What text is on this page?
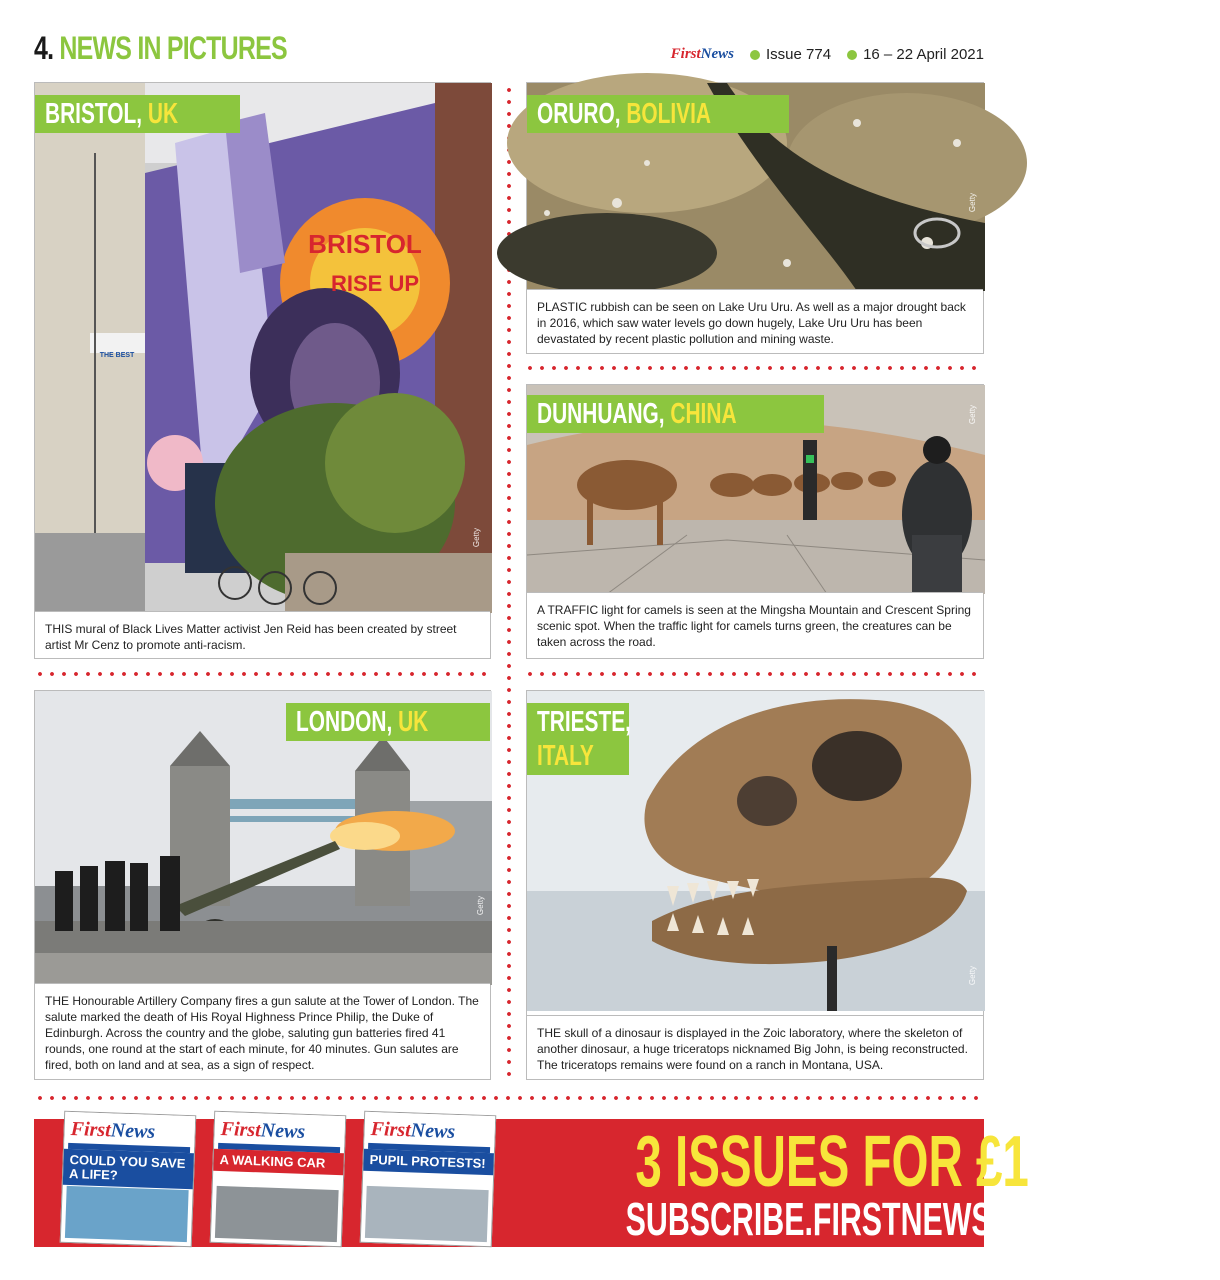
4. NEWS IN PICTURES	FirstNews Issue 774 16 – 22 April 2021
BRISTOL
RISE UP
THE BEST
BRISTOL, UK
Getty
THIS mural of Black Lives Matter activist Jen Reid has been created by street artist Mr Cenz to promote anti-racism.
ORURO, BOLIVIA
Getty
PLASTIC rubbish can be seen on Lake Uru Uru. As well as a major drought back in 2016, which saw water levels go down hugely, Lake Uru Uru has been devastated by recent plastic pollution and mining waste.
DUNHUANG, CHINA	Getty
A TRAFFIC light for camels is seen at the Mingsha Mountain and Crescent Spring scenic spot. When the traffic light for camels turns green, the creatures can be taken across the road.
LONDON, UK
Getty
THE Honourable Artillery Company fires a gun salute at the Tower of London. The salute marked the death of His Royal Highness Prince Philip, the Duke of Edinburgh. Across the country and the globe, saluting gun batteries fired 41 rounds, one round at the start of each minute, for 40 minutes. Gun salutes are fired, both on land and at sea, as a sign of respect.
TRIESTE,
ITALY
Getty
THE skull of a dinosaur is displayed in the Zoic laboratory, where the skeleton of another dinosaur, a huge triceratops nicknamed Big John, is being reconstructed. The triceratops remains were found on a ranch in Montana, USA.
FirstNews
COULD YOU SAVE A LIFE?
FirstNews
A WALKING CAR
FirstNews
PUPIL PROTESTS!	3 ISSUES FOR £1
SUBSCRIBE.FIRSTNEWS.CO.UK
